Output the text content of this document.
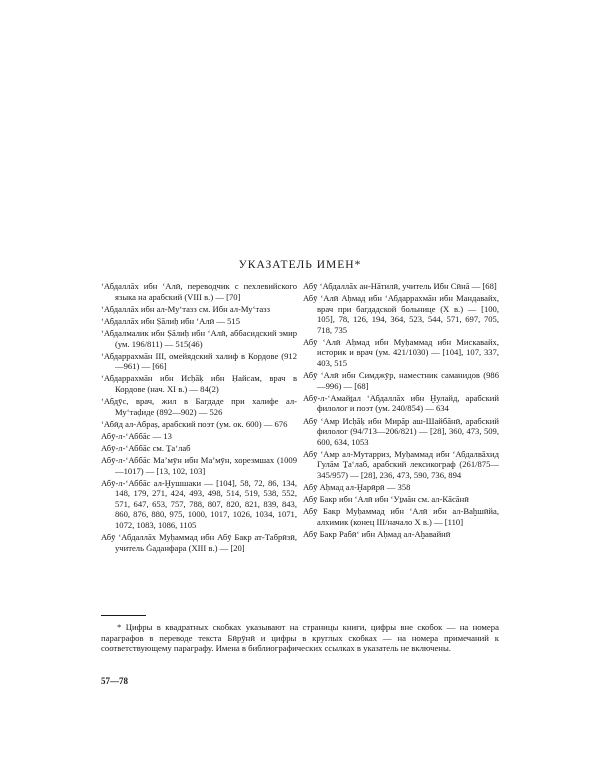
УКАЗАТЕЛЬ ИМЕН*

ʻАбдаллāх ибн ʻАлӣ, переводчик с пехлевийского языка на арабский (VIII в.) — [70]

ʻАбдаллāх ибн ал-Муʻтазз см. Ибн ал-Муʻтазз

ʻАбдаллāх ибн Ṣāлиḥ ибн ʻАлӣ — 515

ʻАбдалмалик ибн Ṣāлиḥ ибн ʻАлӣ, аббасидский эмир (ум. 196/811) — 515(46)

ʻАбдаррахмāн III, омейядский халиф в Кордове (912—961) — [66]

ʻАбдаррахмāн ибн Исḥāḳ ибн Ḥайсам, врач в Кордове (нач. XI в.) — 84(2)

ʻАбдӯс, врач, жил в Багдаде при халифе ал-Муʻтаḍиде (892—902) — 526

ʻАбӣд ал-Абраṣ, арабский поэт (ум. ок. 600) — 676

Абӯ-л-ʻАббāс — 13

Абӯ-л-ʻАббāс см. Ṯаʻлаб

Абӯ-л-ʻАббāс Маʼмӯн ибн Маʼмӯн, хорезмшах (1009—1017) — [13, 102, 103]

Абӯ-л-ʻАббāс ал-Ḫушшаки — [104], 58, 72, 86, 134, 148, 179, 271, 424, 493, 498, 514, 519, 538, 552, 571, 647, 653, 757, 788, 807, 820, 821, 839, 843, 860, 876, 880, 975, 1000, 1017, 1026, 1034, 1071, 1072, 1083, 1086, 1105

Абӯ ʻАбдаллāх Муḥаммад ибн Абӯ Бакр ат-Табрӣзӣ, учитель Ġаданфара (XIII в.) — [20]

Абӯ ʻАбдаллāх ан-Нāтилӣ, учитель Ибн Сӣнā — [68]

Абӯ ʻАлӣ Аḥмад ибн ʻАбдаррахмāн ибн Мандавайх, врач при багдадской больнице (X в.) — [100, 105], 78, 126, 194, 364, 523, 544, 571, 697, 705, 718, 735

Абӯ ʻАлӣ Аḥмад ибн Муḥаммад ибн Мискавайх, историк и врач (ум. 421/1030) — [104], 107, 337, 403, 515

Абӯ ʻАлӣ ибн Симджӯр, наместник саманидов (986—996) — [68]

Абӯ-л-ʻАмайṯал ʻАбдаллāх ибн Ḫулайд, арабский филолог и поэт (ум. 240/854) — 634

Абӯ ʻАмр Исḥāḳ ибн Мирāр аш-Шайбāнӣ, арабский филолог (94/713—206/821) — [28], 360, 473, 509, 600, 634, 1053

Абӯ ʻАмр ал-Мутарриз, Муḥаммад ибн ʻАбдалвāхид Гулāм Ṯаʻлаб, арабский лексикограф (261/875—345/957) — [28], 236, 473, 590, 736, 894

Абӯ Аḥмад ал-Ḫарӣрӣ — 358

Абӯ Бакр ибн ʻАлӣ ибн ʻУṯмāн см. ал-Кāсāнӣ

Абӯ Бакр Муḥаммад ибн ʻАлӣ ибн ал-Ваḫшӣйа, алхимик (конец III/начало X в.) — [110]

Абӯ Бакр Рабӣʻ ибн Аḥмад ал-Аḫавайнӣ

* Цифры в квадратных скобках указывают на страницы книги, цифры вне скобок — на номера параграфов в переводе текста Бӣрӯнӣ и цифры в круглых скобках — на номера примечаний к соответствующему параграфу. Имена в библиографических ссылках в указатель не включены.
57—78
